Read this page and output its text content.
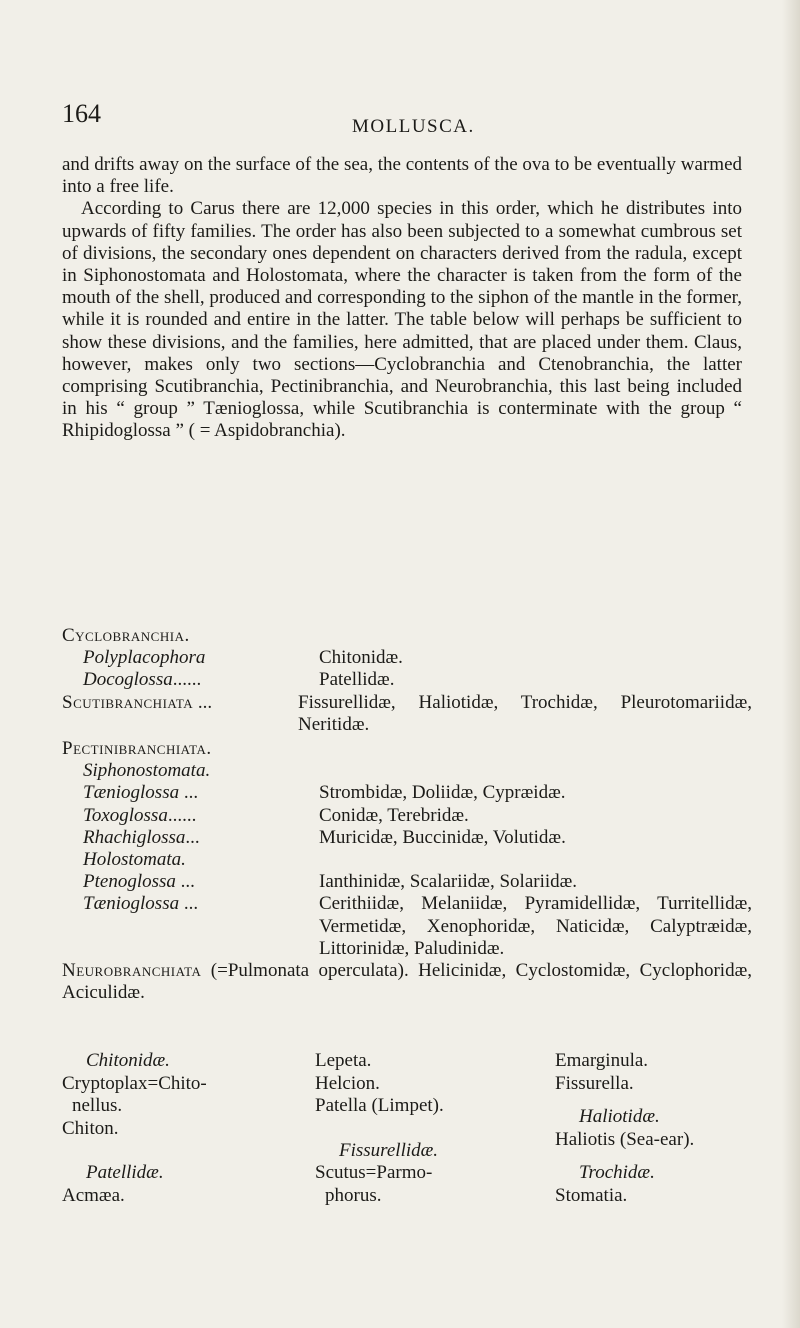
164	MOLLUSCA.

and drifts away on the surface of the sea, the contents of the ova to be eventually warmed into a free life.

According to Carus there are 12,000 species in this order, which he distributes into upwards of fifty families. The order has also been subjected to a somewhat cumbrous set of divisions, the secondary ones dependent on characters derived from the radula, except in Siphonostomata and Holostomata, where the character is taken from the form of the mouth of the shell, produced and corresponding to the siphon of the mantle in the former, while it is rounded and entire in the latter. The table below will perhaps be sufficient to show these divisions, and the families, here admitted, that are placed under them. Claus, however, makes only two sections—Cyclobranchia and Ctenobranchia, the latter comprising Scutibranchia, Pectinibranchia, and Neurobranchia, this last being included in his “ group ” Tænioglossa, while Scutibranchia is conterminate with the group “ Rhipidoglossa ” ( = Aspidobranchia).

Cyclobranchia.
Polyplacophora	Chitonidæ.
Docoglossa......	Patellidæ.
Scutibranchiata ...	Fissurellidæ, Haliotidæ, Trochidæ, Pleurotomariidæ, Neritidæ.
Pectinibranchiata.
Siphonostomata.
Tænioglossa ...	Strombidæ, Doliidæ, Cypræidæ.
Toxoglossa......	Conidæ, Terebridæ.
Rhachiglossa...	Muricidæ, Buccinidæ, Volutidæ.
Holostomata.
Ptenoglossa ...	Ianthinidæ, Scalariidæ, Solariidæ.
Tænioglossa ...	Cerithiidæ, Melaniidæ, Pyramidellidæ, Turritellidæ, Vermetidæ, Xenophoridæ, Naticidæ, Calyptræidæ, Littorinidæ, Paludinidæ.
Neurobranchiata (=Pulmonata operculata). Helicinidæ, Cyclostomidæ, Cyclophoridæ, Aciculidæ.
Chitonidæ.
Cryptoplax=Chito-
nellus.
Chiton.
Patellidæ.
Acmæa.
Lepeta.
Helcion.
Patella (Limpet).
Fissurellidæ.
Scutus=Parmo-
phorus.
Emarginula.
Fissurella.
Haliotidæ.
Haliotis (Sea-ear).
Trochidæ.
Stomatia.
